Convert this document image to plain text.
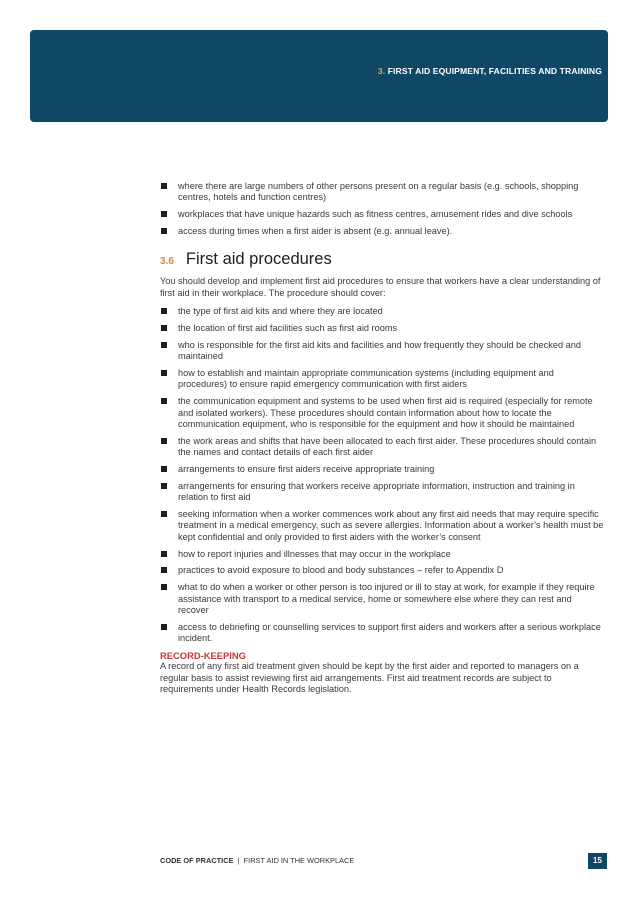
3. FIRST AID EQUIPMENT, FACILITIES AND TRAINING
where there are large numbers of other persons present on a regular basis (e.g. schools, shopping centres, hotels and function centres)
workplaces that have unique hazards such as fitness centres, amusement rides and dive schools
access during times when a first aider is absent (e.g. annual leave).
3.6 First aid procedures

You should develop and implement first aid procedures to ensure that workers have a clear understanding of first aid in their workplace. The procedure should cover:

the type of first aid kits and where they are located
the location of first aid facilities such as first aid rooms
who is responsible for the first aid kits and facilities and how frequently they should be checked and maintained
how to establish and maintain appropriate communication systems (including equipment and procedures) to ensure rapid emergency communication with first aiders
the communication equipment and systems to be used when first aid is required (especially for remote and isolated workers). These procedures should contain information about how to locate the communication equipment, who is responsible for the equipment and how it should be maintained
the work areas and shifts that have been allocated to each first aider. These procedures should contain the names and contact details of each first aider
arrangements to ensure first aiders receive appropriate training
arrangements for ensuring that workers receive appropriate information, instruction and training in relation to first aid
seeking information when a worker commences work about any first aid needs that may require specific treatment in a medical emergency, such as severe allergies. Information about a worker’s health must be kept confidential and only provided to first aiders with the worker’s consent
how to report injuries and illnesses that may occur in the workplace
practices to avoid exposure to blood and body substances – refer to Appendix D
what to do when a worker or other person is too injured or ill to stay at work, for example if they require assistance with transport to a medical service, home or somewhere else where they can rest and recover
access to debriefing or counselling services to support first aiders and workers after a serious workplace incident.
RECORD-KEEPING

A record of any first aid treatment given should be kept by the first aider and reported to managers on a regular basis to assist reviewing first aid arrangements. First aid treatment records are subject to requirements under Health Records legislation.

CODE OF PRACTICE | FIRST AID IN THE WORKPLACE	15
